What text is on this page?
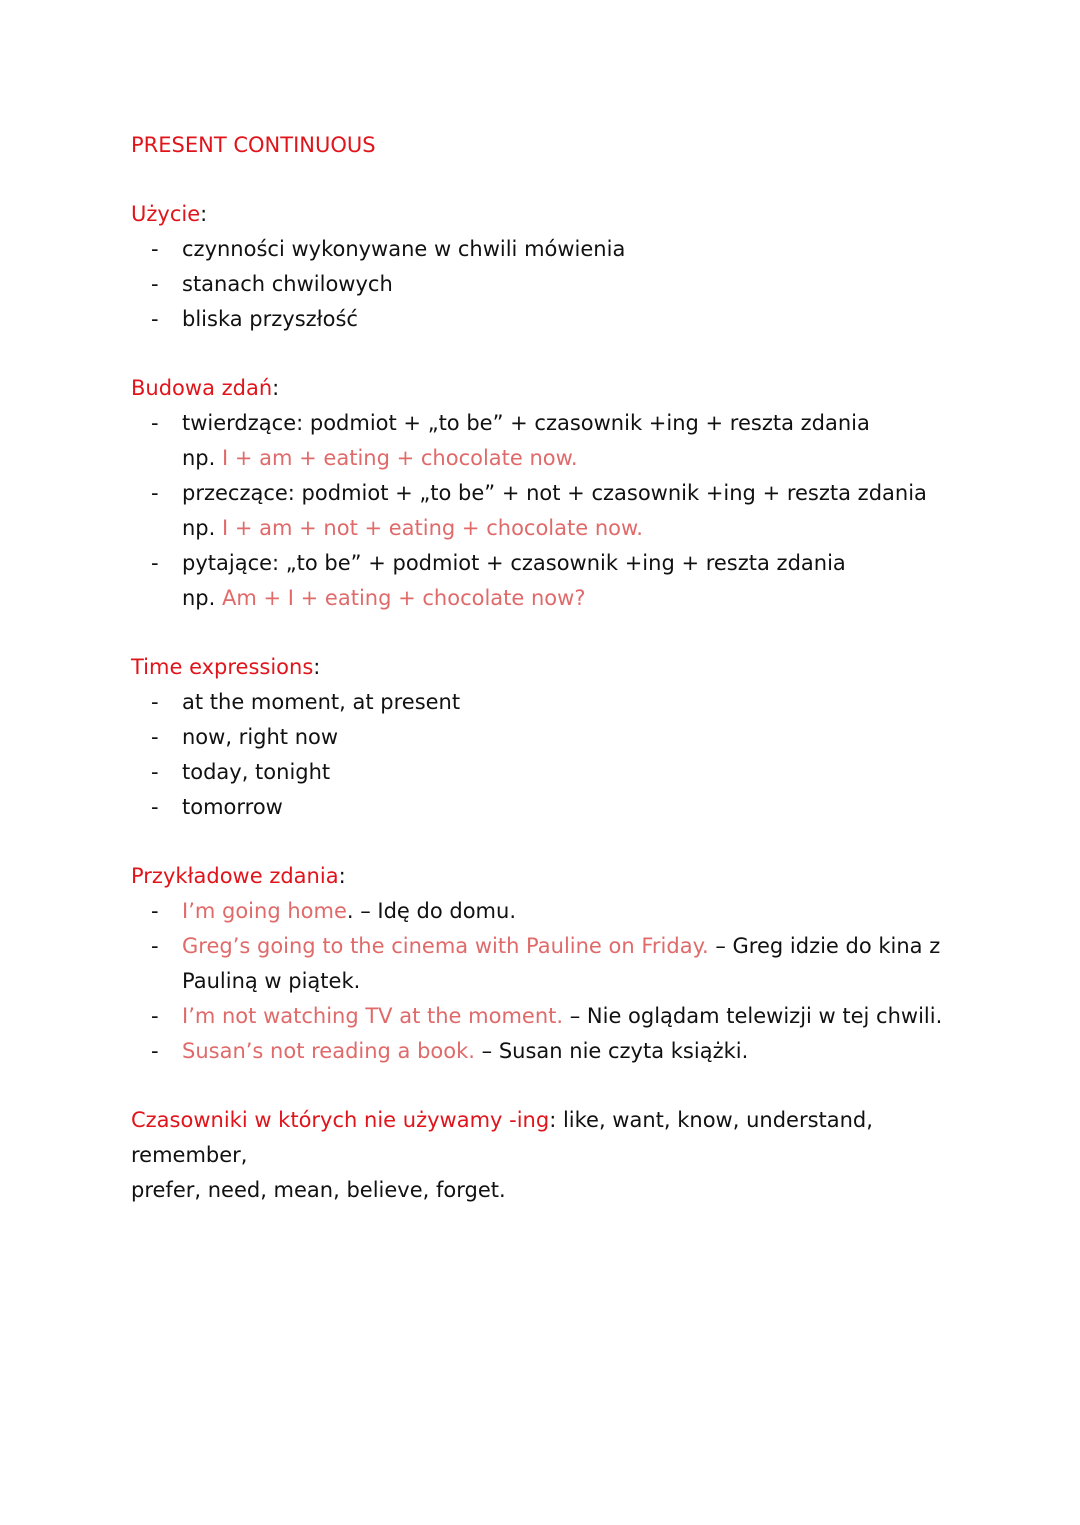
PRESENT CONTINUOUS

Użycie:

- czynności wykonywane w chwili mówienia
- stanach chwilowych
- bliska przyszłość

Budowa zdań:

- twierdzące: podmiot + „to be” + czasownik +ing + reszta zdania
np. I + am + eating + chocolate now.
- przeczące: podmiot + „to be” + not + czasownik +ing + reszta zdania
np. I + am + not + eating + chocolate now.
- pytające: „to be” + podmiot + czasownik +ing + reszta zdania
np. Am + I + eating + chocolate now?

Time expressions:

- at the moment, at present
- now, right now
- today, tonight
- tomorrow

Przykładowe zdania:

- I’m going home. – Idę do domu.
- Greg’s going to the cinema with Pauline on Friday. – Greg idzie do kina z
Pauliną w piątek.
- I’m not watching TV at the moment. – Nie oglądam telewizji w tej chwili.
- Susan’s not reading a book. – Susan nie czyta książki.

Czasowniki w których nie używamy -ing: like, want, know, understand, remember,
prefer, need, mean, believe, forget.
